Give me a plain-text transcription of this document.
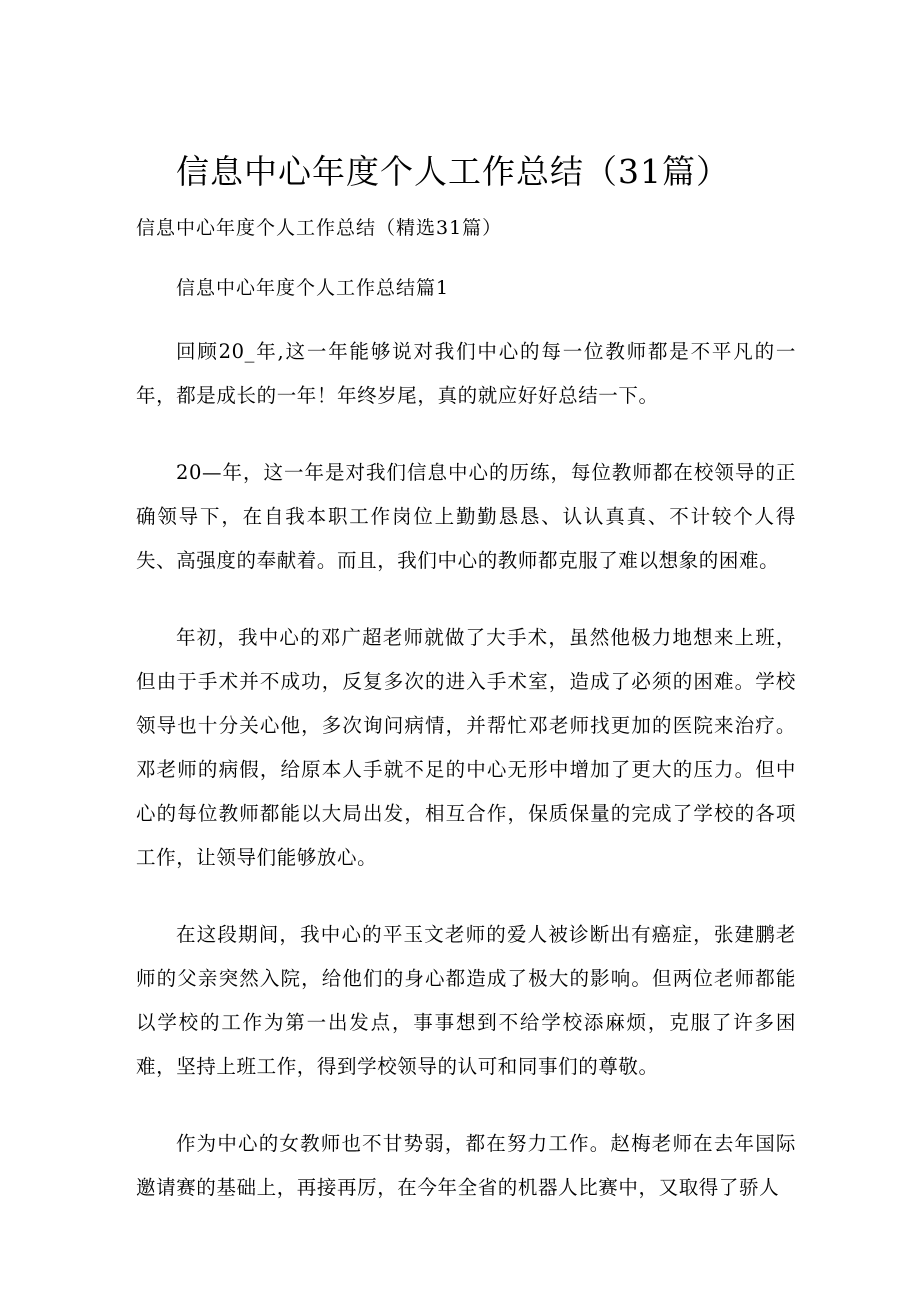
信息中心年度个人工作总结（31篇）
信息中心年度个人工作总结（精选31篇）
信息中心年度个人工作总结篇1

回顾20_年,这一年能够说对我们中心的每一位教师都是不平凡的一年，都是成长的一年！年终岁尾，真的就应好好总结一下。

20—年，这一年是对我们信息中心的历练，每位教师都在校领导的正确领导下，在自我本职工作岗位上勤勤恳恳、认认真真、不计较个人得失、高强度的奉献着。而且，我们中心的教师都克服了难以想象的困难。

年初，我中心的邓广超老师就做了大手术，虽然他极力地想来上班，但由于手术并不成功，反复多次的进入手术室，造成了必须的困难。学校领导也十分关心他，多次询问病情，并帮忙邓老师找更加的医院来治疗。邓老师的病假，给原本人手就不足的中心无形中增加了更大的压力。但中心的每位教师都能以大局出发，相互合作，保质保量的完成了学校的各项工作，让领导们能够放心。

在这段期间，我中心的平玉文老师的爱人被诊断出有癌症，张建鹏老师的父亲突然入院，给他们的身心都造成了极大的影响。但两位老师都能以学校的工作为第一出发点，事事想到不给学校添麻烦，克服了许多困难，坚持上班工作，得到学校领导的认可和同事们的尊敬。

作为中心的女教师也不甘势弱，都在努力工作。赵梅老师在去年国际邀请赛的基础上，再接再厉，在今年全省的机器人比赛中，又取得了骄人
